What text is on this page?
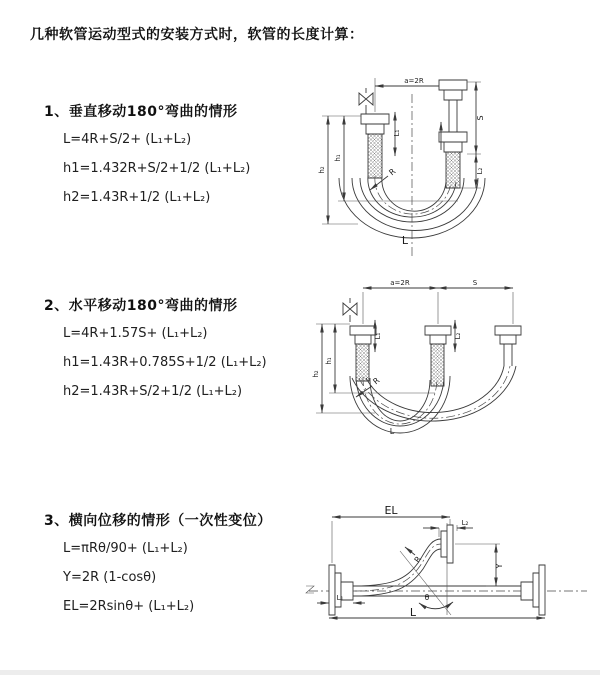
几种软管运动型式的安装方式时，软管的长度计算：
1、垂直移动180°弯曲的情形
L=4R+S/2+ (L₁+L₂)
h1=1.432R+S/2+1/2 (L₁+L₂)
h2=1.43R+1/2 (L₁+L₂)
2、水平移动180°弯曲的情形
L=4R+1.57S+ (L₁+L₂)
h1=1.43R+0.785S+1/2 (L₁+L₂)
h2=1.43R+S/2+1/2 (L₁+L₂)
3、横向位移的情形（一次性变位）
L=πRθ/90+ (L₁+L₂)
Y=2R (1-cosθ)
EL=2Rsinθ+ (L₁+L₂)
a=2R
h₁
h₂
S
L₂
L₁
R
L
a=2R	S
h₁
h₂
L₁	L₂
R
L
θ
R
EL
L₂
Y
L₁
L
